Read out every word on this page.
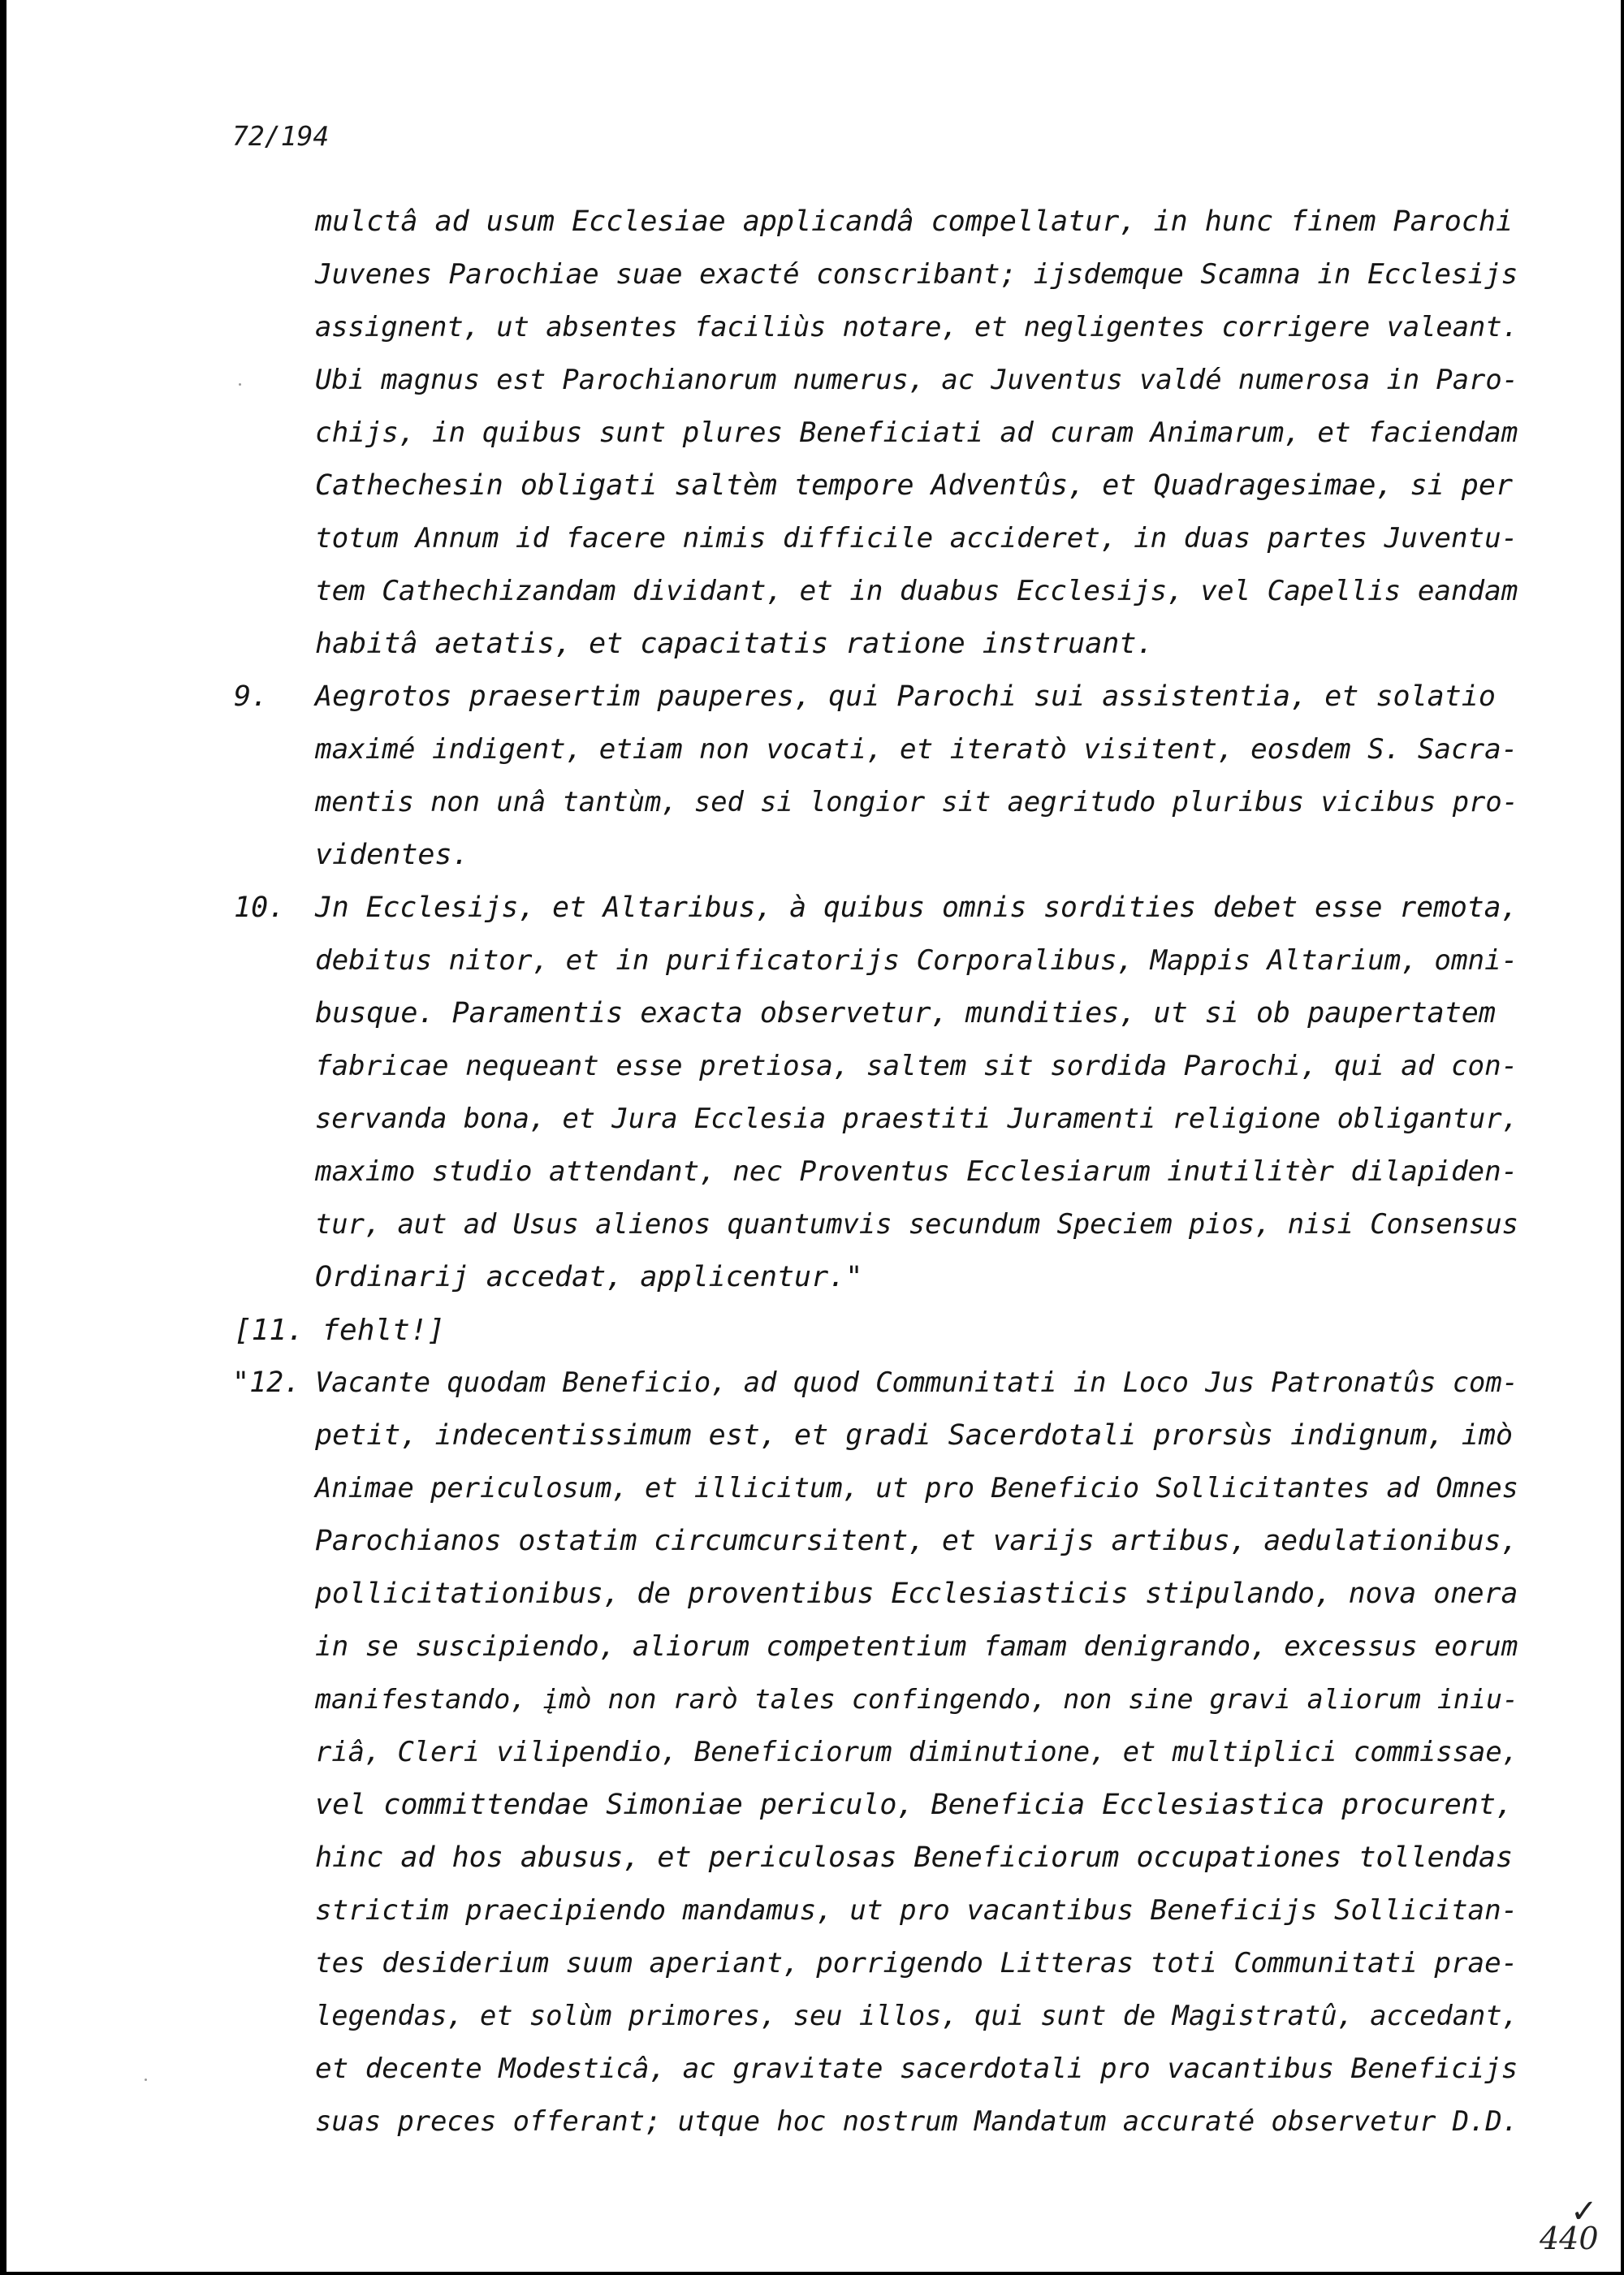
72/194
mulctâ ad usum Ecclesiae applicandâ compellatur, in hunc finem Parochi
Juvenes Parochiae suae exacté conscribant; ijsdemque Scamna in Ecclesijs
assignent, ut absentes faciliùs notare, et negligentes corrigere valeant.
Ubi magnus est Parochianorum numerus, ac Juventus valdé numerosa in Paro-
chijs, in quibus sunt plures Beneficiati ad curam Animarum, et faciendam
Cathechesin obligati saltèm tempore Adventûs, et Quadragesimae, si per
totum Annum id facere nimis difficile accideret, in duas partes Juventu-
tem Cathechizandam dividant, et in duabus Ecclesijs, vel Capellis eandam
habitâ aetatis, et capacitatis ratione instruant.
9. Aegrotos praesertim pauperes, qui Parochi sui assistentia, et solatio
maximé indigent, etiam non vocati, et iteratò visitent, eosdem S. Sacra-
mentis non unâ tantùm, sed si longior sit aegritudo pluribus vicibus pro-
videntes.
10. Jn Ecclesijs, et Altaribus, à quibus omnis sordities debet esse remota,
debitus nitor, et in purificatorijs Corporalibus, Mappis Altarium, omni-
busque. Paramentis exacta observetur, mundities, ut si ob paupertatem
fabricae nequeant esse pretiosa, saltem sit sordida Parochi, qui ad con-
servanda bona, et Jura Ecclesia praestiti Juramenti religione obligantur,
maximo studio attendant, nec Proventus Ecclesiarum inutilitèr dilapiden-
tur, aut ad Usus alienos quantumvis secundum Speciem pios, nisi Consensus
Ordinarij accedat, applicentur."
[11. fehlt!]
"12. Vacante quodam Beneficio, ad quod Communitati in Loco Jus Patronatûs com-
petit, indecentissimum est, et gradi Sacerdotali prorsùs indignum, imò
Animae periculosum, et illicitum, ut pro Beneficio Sollicitantes ad Omnes
Parochianos ostatim circumcursitent, et varijs artibus, aedulationibus,
pollicitationibus, de proventibus Ecclesiasticis stipulando, nova onera
in se suscipiendo, aliorum competentium famam denigrando, excessus eorum
manifestando, įmò non rarò tales confingendo, non sine gravi aliorum iniu-
riâ, Cleri vilipendio, Beneficiorum diminutione, et multiplici commissae,
vel committendae Simoniae periculo, Beneficia Ecclesiastica procurent,
hinc ad hos abusus, et periculosas Beneficiorum occupationes tollendas
strictim praecipiendo mandamus, ut pro vacantibus Beneficijs Sollicitan-
tes desiderium suum aperiant, porrigendo Litteras toti Communitati prae-
legendas, et solùm primores, seu illos, qui sunt de Magistratû, accedant,
et decente Modesticâ, ac gravitate sacerdotali pro vacantibus Beneficijs
suas preces offerant; utque hoc nostrum Mandatum accuraté observetur D.D.
✓
440
